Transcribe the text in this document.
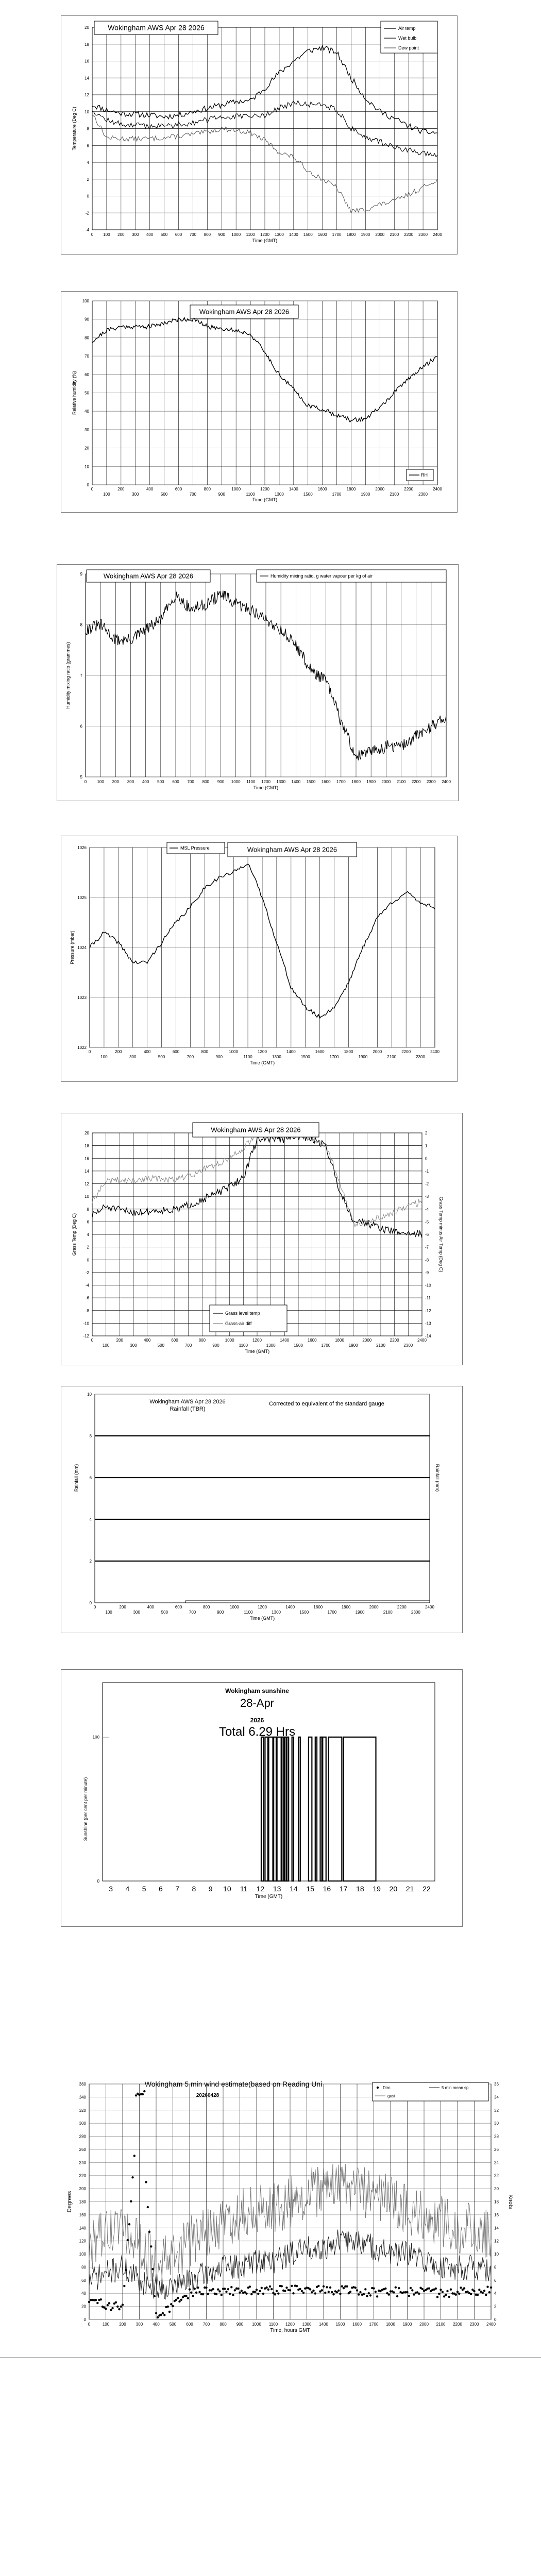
20
18
16
14
12
10
8
6
4
2
0
-2
-4
0 100 200 300 400 500 600 700 800 900 1000 1100 1200 1300 1400 1500 1600 1700 1800 1900 2000 2100 2200 2300 2400
Time (GMT)
Temperature (Deg C)
Wokingham AWS Apr 28 2026	Air temp
Wet bulb
Dew point
100
90
80
70
60
50
40
30
20
10
0
0	200	400	600	800	1000	1200	1400	1600	1800	2000	2200	2400
100	300	500	700	900	1100	1300	1500	1700	1900	2100	2300
Time (GMT)
Relative humidity (%)
Wokingham AWS Apr 28 2026
RH
9
8
7
6
5
0	100 200 300 400 500 600 700 800 900 1000 1100 1200 1300 1400 1500 1600 1700 1800 1900 2000 2100 2200 2300 2400
Time (GMT)
Humidity mixing ratio (grammes)
Wokingham AWS Apr 28 2026	Humidity mixing ratio, g water vapour per kg of air
1026
1025
1024
1023
1022
0	200	400	600	800	1000	1200	1400	1600	1800	2000	2200	2400
100	300	500	700	900	1100	1300	1500	1700	1900	2100	2300
Time (GMT)
Pressure (mbar)
MSL Pressure	Wokingham AWS Apr 28 2026
20
18
16
14
12
10
8
6
4
2
0
-2
-4
-6
-8
-10
-12
2
1
0
-1
-2
-3
-4
-5
-6
-7
-8
-9
-10
-11
-12
-13
-14
0	200	400	600	800	1000	1200	1400	1600	1800	2000	2200	2400
100	300	500	700	900	1100	1300	1500	1700	1900	2100	2300
Time (GMT)
Grass Temp (Deg C)	Grass Temp minus Air Temp (Deg C)
Wokingham AWS Apr 28 2026
Grass level temp
Grass-air diff
10
8
6
4
2
0
0	200	400	600	800	1000	1200	1400	1600	1800	2000	2200	2400
100	300	500	700	900	1100	1300	1500	1700	1900	2100	2300
Time (GMT)
Rainfall (mm)	Rainfall (mm)
Wokingham AWS Apr 28 2026
Rainfall (TBR)
Corrected to equivalent of the standard gauge
100
0
3 4 5 6 7 8 9 10 11 12 13 14 15 16 17 18 19 20 21 22
Time (GMT)
Sunshine (per cent per minute)
Wokingham sunshine
28-Apr
2026
Total 6.29 Hrs
360
340
320
300
280
260
240
220
200
180
160
140
120
100
80
60
40
20
0
36
34
32
30
28
26
24
22
20
18
16
14
12
10
8
6
4
2
0
0	100 200 300 400 500 600 700 800 900 1000 1100 1200 1300 1400 1500 1600 1700 1800 1900 2000 2100 2200 2300 2400
Time, hours GMT
Degrees	Knots
Wokingham 5 min wind estimate(based on Reading Uni
20260428
Dirn	5 min mean sp
gust
